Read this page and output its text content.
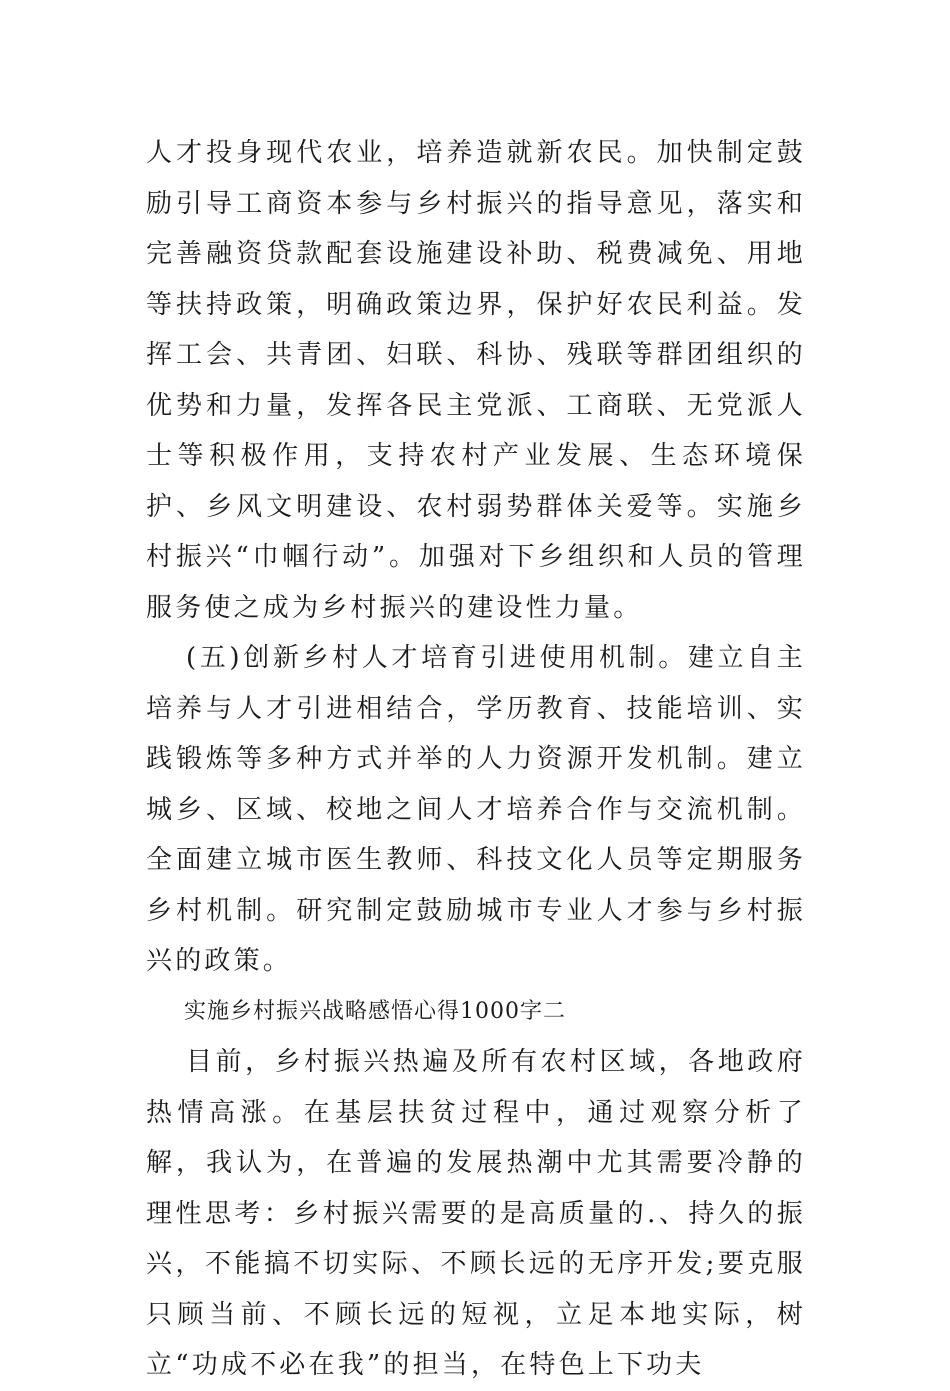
人才投身现代农业，培养造就新农民。加快制定鼓励引导工商资本参与乡村振兴的指导意见，落实和完善融资贷款配套设施建设补助、税费减免、用地等扶持政策，明确政策边界，保护好农民利益。发挥工会、共青团、妇联、科协、残联等群团组织的优势和力量，发挥各民主党派、工商联、无党派人士等积极作用，支持农村产业发展、生态环境保护、乡风文明建设、农村弱势群体关爱等。实施乡村振兴“巾帼行动”。加强对下乡组织和人员的管理服务使之成为乡村振兴的建设性力量。

(五)创新乡村人才培育引进使用机制。建立自主培养与人才引进相结合，学历教育、技能培训、实践锻炼等多种方式并举的人力资源开发机制。建立城乡、区域、校地之间人才培养合作与交流机制。全面建立城市医生教师、科技文化人员等定期服务乡村机制。研究制定鼓励城市专业人才参与乡村振兴的政策。

实施乡村振兴战略感悟心得1000字二

目前，乡村振兴热遍及所有农村区域，各地政府热情高涨。在基层扶贫过程中，通过观察分析了解，我认为，在普遍的发展热潮中尤其需要冷静的理性思考：乡村振兴需要的是高质量的.、持久的振兴，不能搞不切实际、不顾长远的无序开发;要克服只顾当前、不顾长远的短视，立足本地实际，树立“功成不必在我”的担当，在特色上下功夫
